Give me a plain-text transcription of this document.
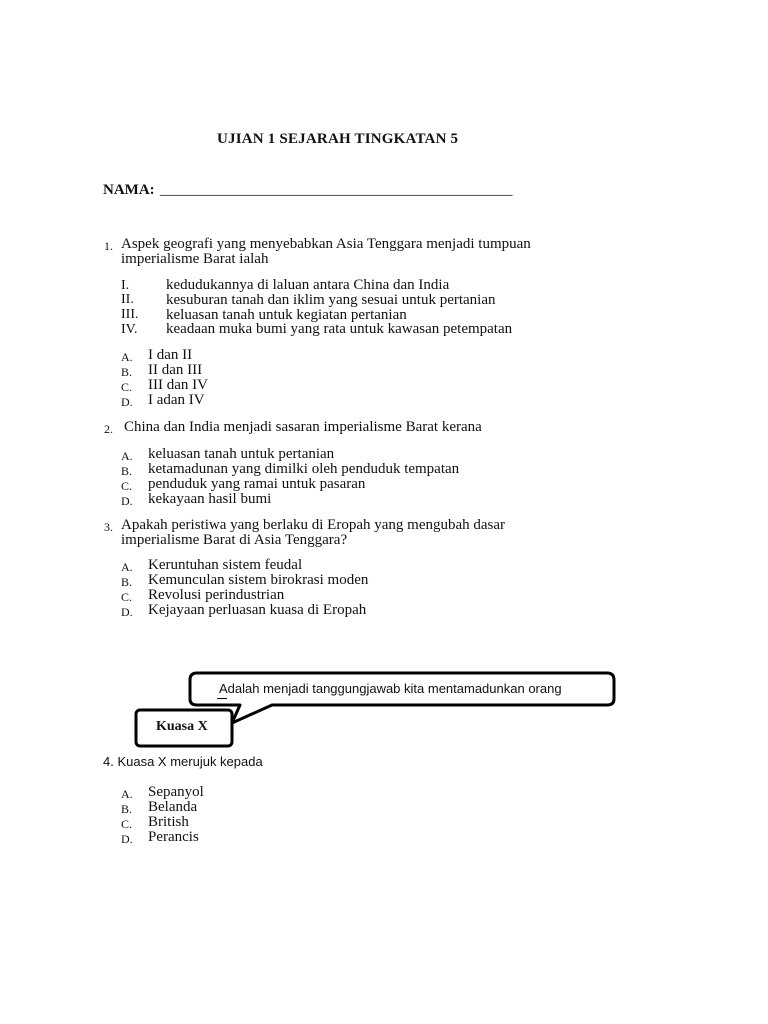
UJIAN 1 SEJARAH TINGKATAN 5
NAMA: _______________________________________________
1. Aspek geografi yang menyebabkan Asia Tenggara menjadi tumpuan
imperialisme Barat ialah
I. kedudukannya di laluan antara China dan India
II. kesuburan tanah dan iklim yang sesuai untuk pertanian
III. keluasan tanah untuk kegiatan pertanian
IV. keadaan muka bumi yang rata untuk kawasan petempatan
A. I dan II
B. II dan III
C. III dan IV
D. I adan IV
2. China dan India menjadi sasaran imperialisme Barat kerana
A. keluasan tanah untuk pertanian
B. ketamadunan yang dimilki oleh penduduk tempatan
C. penduduk yang ramai untuk pasaran
D. kekayaan hasil bumi
3. Apakah peristiwa yang berlaku di Eropah yang mengubah dasar
imperialisme Barat di Asia Tenggara?
A. Keruntuhan sistem feudal
B. Kemunculan sistem birokrasi moden
C. Revolusi perindustrian
D. Kejayaan perluasan kuasa di Eropah
Adalah menjadi tanggungjawab kita mentamadunkan orang
Kuasa X
4. Kuasa X merujuk kepada
A. Sepanyol
B. Belanda
C. British
D. Perancis
